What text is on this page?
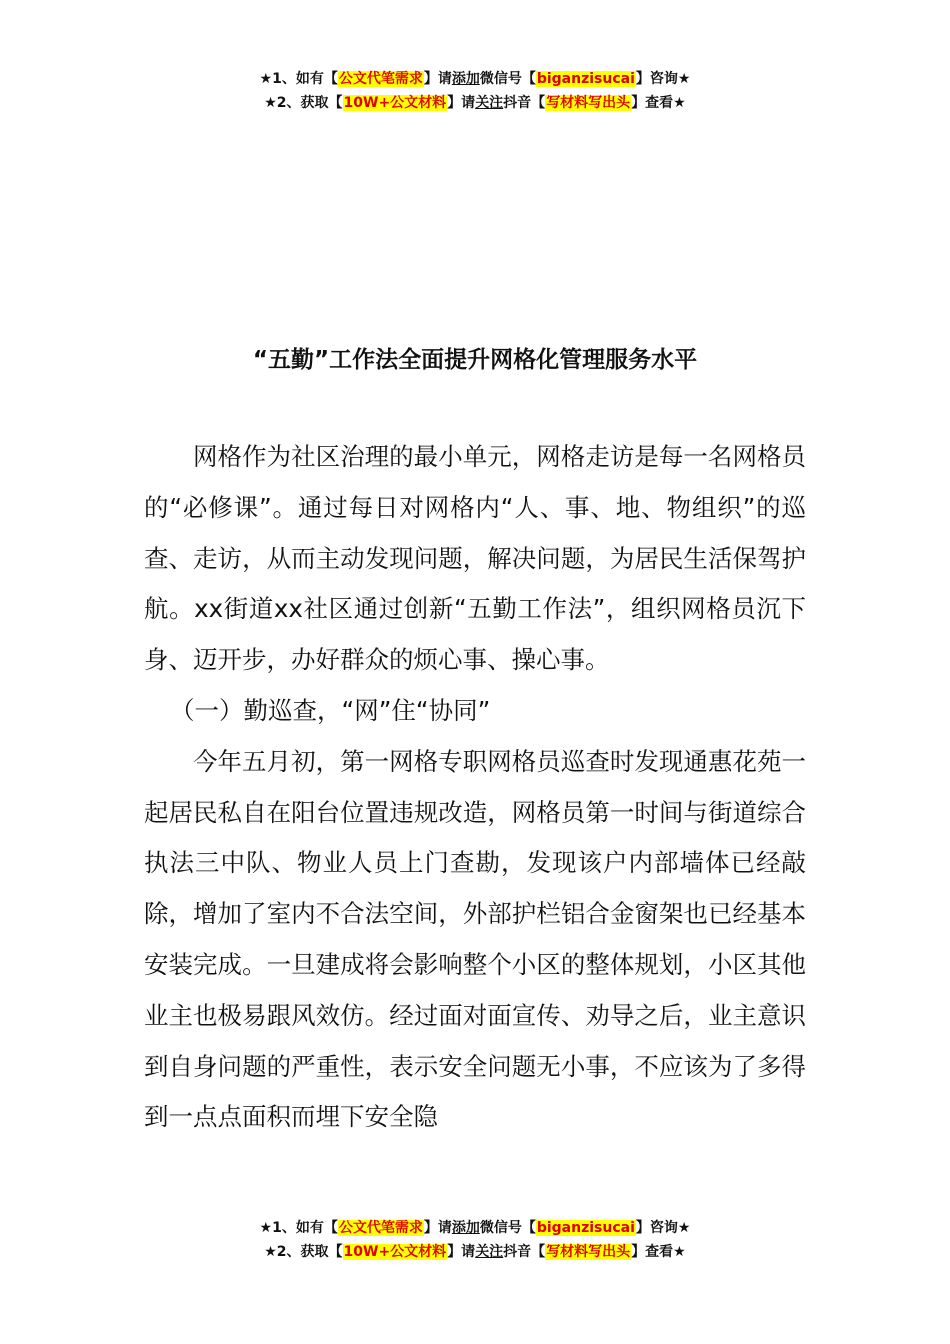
★1、如有【公文代笔需求】请添加微信号【biganzisucai】咨询★
★2、获取【10W+公文材料】请关注抖音【写材料写出头】查看★
“五勤”工作法全面提升网格化管理服务水平

网格作为社区治理的最小单元，网格走访是每一名网格员的“必修课”。通过每日对网格内“人、事、地、物组织”的巡查、走访，从而主动发现问题，解决问题，为居民生活保驾护航。xx街道xx社区通过创新“五勤工作法”，组织网格员沉下身、迈开步，办好群众的烦心事、操心事。

（一）勤巡查，“网”住“协同”

今年五月初，第一网格专职网格员巡查时发现通惠花苑一起居民私自在阳台位置违规改造，网格员第一时间与街道综合执法三中队、物业人员上门查勘，发现该户内部墙体已经敲除，增加了室内不合法空间，外部护栏铝合金窗架也已经基本安装完成。一旦建成将会影响整个小区的整体规划，小区其他业主也极易跟风效仿。经过面对面宣传、劝导之后，业主意识到自身问题的严重性，表示安全问题无小事，不应该为了多得到一点点面积而埋下安全隐

★1、如有【公文代笔需求】请添加微信号【biganzisucai】咨询★
★2、获取【10W+公文材料】请关注抖音【写材料写出头】查看★
